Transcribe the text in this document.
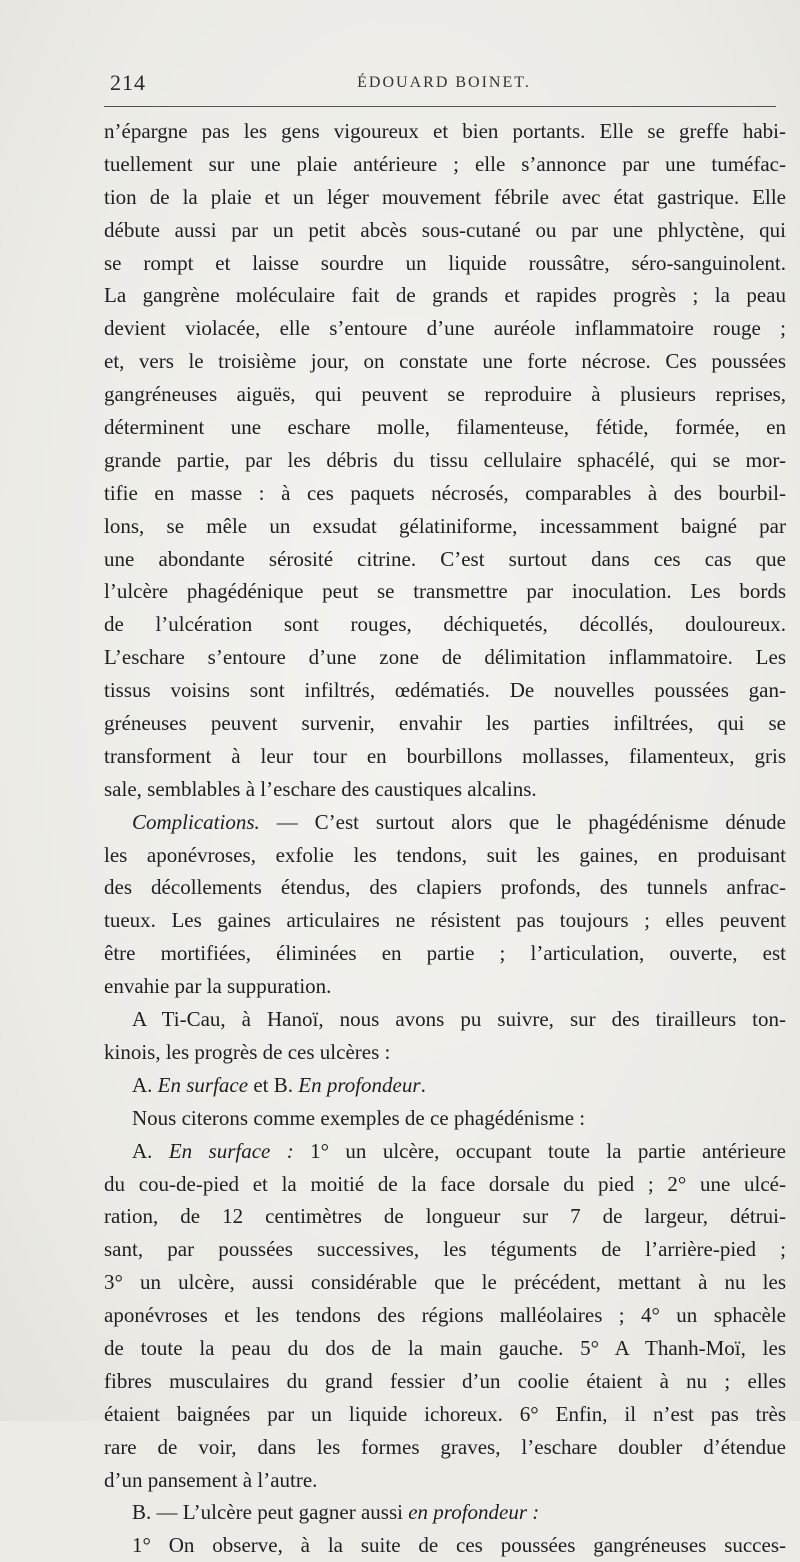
214	ÉDOUARD BOINET.
n’épargne pas les gens vigoureux et bien portants. Elle se greffe habi-
tuellement sur une plaie antérieure ; elle s’annonce par une tuméfac-
tion de la plaie et un léger mouvement fébrile avec état gastrique. Elle
débute aussi par un petit abcès sous-cutané ou par une phlyctène, qui
se rompt et laisse sourdre un liquide roussâtre, séro-sanguinolent.
La gangrène moléculaire fait de grands et rapides progrès ; la peau
devient violacée, elle s’entoure d’une auréole inflammatoire rouge ;
et, vers le troisième jour, on constate une forte nécrose. Ces poussées
gangréneuses aiguës, qui peuvent se reproduire à plusieurs reprises,
déterminent une eschare molle, filamenteuse, fétide, formée, en
grande partie, par les débris du tissu cellulaire sphacélé, qui se mor-
tifie en masse : à ces paquets nécrosés, comparables à des bourbil-
lons, se mêle un exsudat gélatiniforme, incessamment baigné par
une abondante sérosité citrine. C’est surtout dans ces cas que
l’ulcère phagédénique peut se transmettre par inoculation. Les bords
de l’ulcération sont rouges, déchiquetés, décollés, douloureux.
L’eschare s’entoure d’une zone de délimitation inflammatoire. Les
tissus voisins sont infiltrés, œdématiés. De nouvelles poussées gan-
gréneuses peuvent survenir, envahir les parties infiltrées, qui se
transforment à leur tour en bourbillons mollasses, filamenteux, gris
sale, semblables à l’eschare des caustiques alcalins.
Complications. — C’est surtout alors que le phagédénisme dénude
les aponévroses, exfolie les tendons, suit les gaines, en produisant
des décollements étendus, des clapiers profonds, des tunnels anfrac-
tueux. Les gaines articulaires ne résistent pas toujours ; elles peuvent
être mortifiées, éliminées en partie ; l’articulation, ouverte, est
envahie par la suppuration.
A Ti-Cau, à Hanoï, nous avons pu suivre, sur des tirailleurs ton-
kinois, les progrès de ces ulcères :
A. En surface et B. En profondeur.
Nous citerons comme exemples de ce phagédénisme :
A. En surface : 1° un ulcère, occupant toute la partie antérieure
du cou-de-pied et la moitié de la face dorsale du pied ; 2° une ulcé-
ration, de 12 centimètres de longueur sur 7 de largeur, détrui-
sant, par poussées successives, les téguments de l’arrière-pied ;
3° un ulcère, aussi considérable que le précédent, mettant à nu les
aponévroses et les tendons des régions malléolaires ; 4° un sphacèle
de toute la peau du dos de la main gauche. 5° A Thanh-Moï, les
fibres musculaires du grand fessier d’un coolie étaient à nu ; elles
étaient baignées par un liquide ichoreux. 6° Enfin, il n’est pas très
rare de voir, dans les formes graves, l’eschare doubler d’étendue
d’un pansement à l’autre.
B. — L’ulcère peut gagner aussi en profondeur :
1° On observe, à la suite de ces poussées gangréneuses succes-
